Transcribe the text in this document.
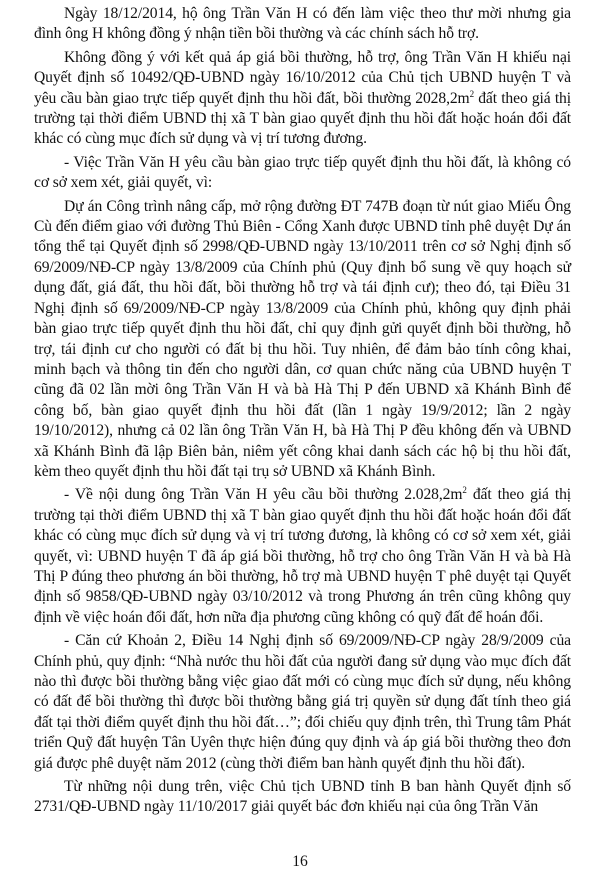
Ngày 18/12/2014, hộ ông Trần Văn H có đến làm việc theo thư mời nhưng gia đình ông H không đồng ý nhận tiền bồi thường và các chính sách hỗ trợ.

Không đồng ý với kết quả áp giá bồi thường, hỗ trợ, ông Trần Văn H khiếu nại Quyết định số 10492/QĐ-UBND ngày 16/10/2012 của Chủ tịch UBND huyện T và yêu cầu bàn giao trực tiếp quyết định thu hồi đất, bồi thường $2028,2m^2$ đất theo giá thị trường tại thời điểm UBND thị xã T bàn giao quyết định thu hồi đất hoặc hoán đổi đất khác có cùng mục đích sử dụng và vị trí tương đương.

- Việc Trần Văn H yêu cầu bàn giao trực tiếp quyết định thu hồi đất, là không có cơ sở xem xét, giải quyết, vì:

Dự án Công trình nâng cấp, mở rộng đường ĐT 747B đoạn từ nút giao Miếu Ông Cù đến điểm giao với đường Thủ Biên - Cổng Xanh được UBND tỉnh phê duyệt Dự án tổng thể tại Quyết định số 2998/QĐ-UBND ngày 13/10/2011 trên cơ sở Nghị định số 69/2009/NĐ-CP ngày 13/8/2009 của Chính phủ (Quy định bổ sung về quy hoạch sử dụng đất, giá đất, thu hồi đất, bồi thường hỗ trợ và tái định cư); theo đó, tại Điều 31 Nghị định số 69/2009/NĐ-CP ngày 13/8/2009 của Chính phủ, không quy định phải bàn giao trực tiếp quyết định thu hồi đất, chỉ quy định gửi quyết định bồi thường, hỗ trợ, tái định cư cho người có đất bị thu hồi. Tuy nhiên, để đảm bảo tính công khai, minh bạch và thông tin đến cho người dân, cơ quan chức năng của UBND huyện T cũng đã 02 lần mời ông Trần Văn H và bà Hà Thị P đến UBND xã Khánh Bình để công bố, bàn giao quyết định thu hồi đất (lần 1 ngày 19/9/2012; lần 2 ngày 19/10/2012), nhưng cả 02 lần ông Trần Văn H, bà Hà Thị P đều không đến và UBND xã Khánh Bình đã lập Biên bản, niêm yết công khai danh sách các hộ bị thu hồi đất, kèm theo quyết định thu hồi đất tại trụ sở UBND xã Khánh Bình.

- Về nội dung ông Trần Văn H yêu cầu bồi thường $2.028,2m^2$ đất theo giá thị trường tại thời điểm UBND thị xã T bàn giao quyết định thu hồi đất hoặc hoán đổi đất khác có cùng mục đích sử dụng và vị trí tương đương, là không có cơ sở xem xét, giải quyết, vì: UBND huyện T đã áp giá bồi thường, hỗ trợ cho ông Trần Văn H và bà Hà Thị P đúng theo phương án bồi thường, hỗ trợ mà UBND huyện T phê duyệt tại Quyết định số 9858/QĐ-UBND ngày 03/10/2012 và trong Phương án trên cũng không quy định về việc hoán đổi đất, hơn nữa địa phương cũng không có quỹ đất để hoán đổi.

- Căn cứ Khoản 2, Điều 14 Nghị định số 69/2009/NĐ-CP ngày 28/9/2009 của Chính phủ, quy định: “Nhà nước thu hồi đất của người đang sử dụng vào mục đích đất nào thì được bồi thường bằng việc giao đất mới có cùng mục đích sử dụng, nếu không có đất để bồi thường thì được bồi thường bằng giá trị quyền sử dụng đất tính theo giá đất tại thời điểm quyết định thu hồi đất…”; đối chiếu quy định trên, thì Trung tâm Phát triển Quỹ đất huyện Tân Uyên thực hiện đúng quy định và áp giá bồi thường theo đơn giá được phê duyệt năm 2012 (cùng thời điểm ban hành quyết định thu hồi đất).

Từ những nội dung trên, việc Chủ tịch UBND tỉnh B ban hành Quyết định số 2731/QĐ-UBND ngày 11/10/2017 giải quyết bác đơn khiếu nại của ông Trần Văn

16
